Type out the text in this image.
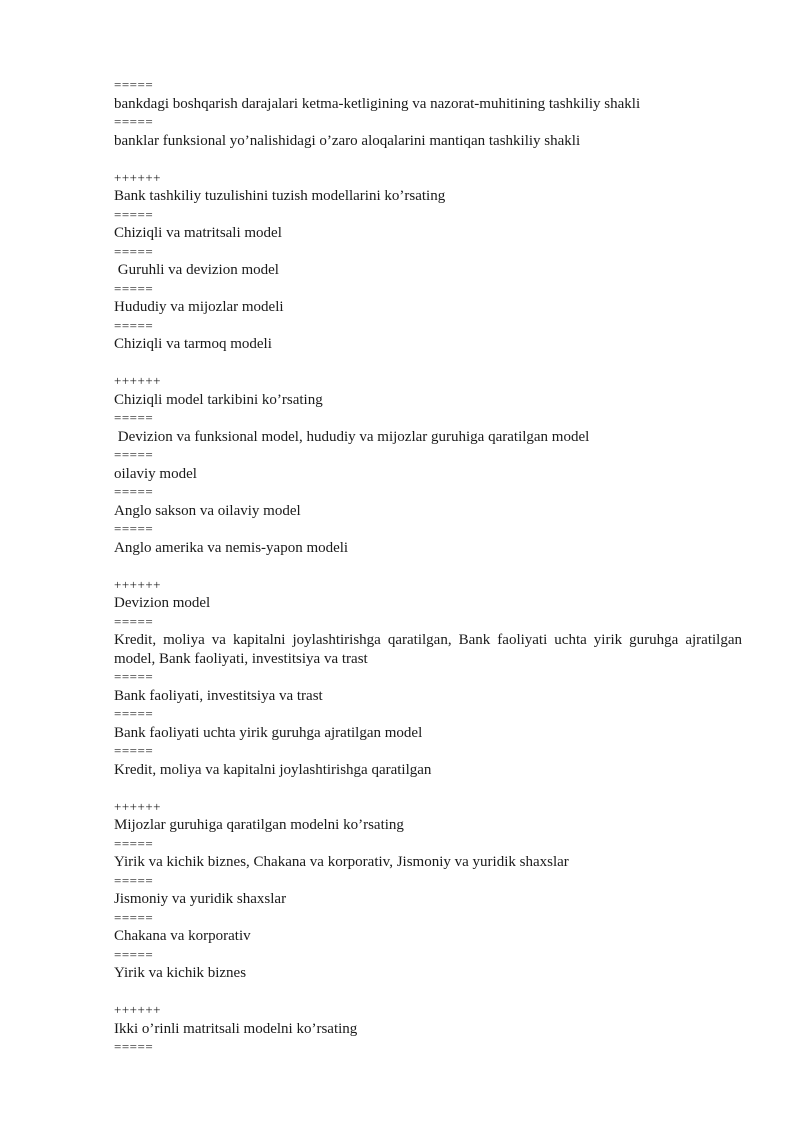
=====
bankdagi boshqarish darajalari ketma-ketligining va nazorat-muhitining tashkiliy shakli
=====
banklar funksional yo’nalishidagi o’zaro aloqalarini mantiqan tashkiliy shakli
++++++
Bank tashkiliy tuzulishini tuzish modellarini ko’rsating
=====
Chiziqli va matritsali model
=====
Guruhli va devizion model
=====
Hududiy va mijozlar modeli
=====
Chiziqli va tarmoq modeli
++++++
Chiziqli model tarkibini ko’rsating
=====
Devizion va funksional model, hududiy va mijozlar guruhiga qaratilgan model
=====
oilaviy model
=====
Anglo sakson va oilaviy model
=====
Anglo amerika va nemis-yapon modeli
++++++
Devizion model
=====
Kredit, moliya va kapitalni joylashtirishga qaratilgan, Bank faoliyati uchta yirik guruhga ajratilgan model, Bank faoliyati, investitsiya va trast
=====
Bank faoliyati, investitsiya va trast
=====
Bank faoliyati uchta yirik guruhga ajratilgan model
=====
Kredit, moliya va kapitalni joylashtirishga qaratilgan
++++++
Mijozlar guruhiga qaratilgan modelni ko’rsating
=====
Yirik va kichik biznes, Chakana va korporativ, Jismoniy va yuridik shaxslar
=====
Jismoniy va yuridik shaxslar
=====
Chakana va korporativ
=====
Yirik va kichik biznes
++++++
Ikki o’rinli matritsali modelni ko’rsating
=====
